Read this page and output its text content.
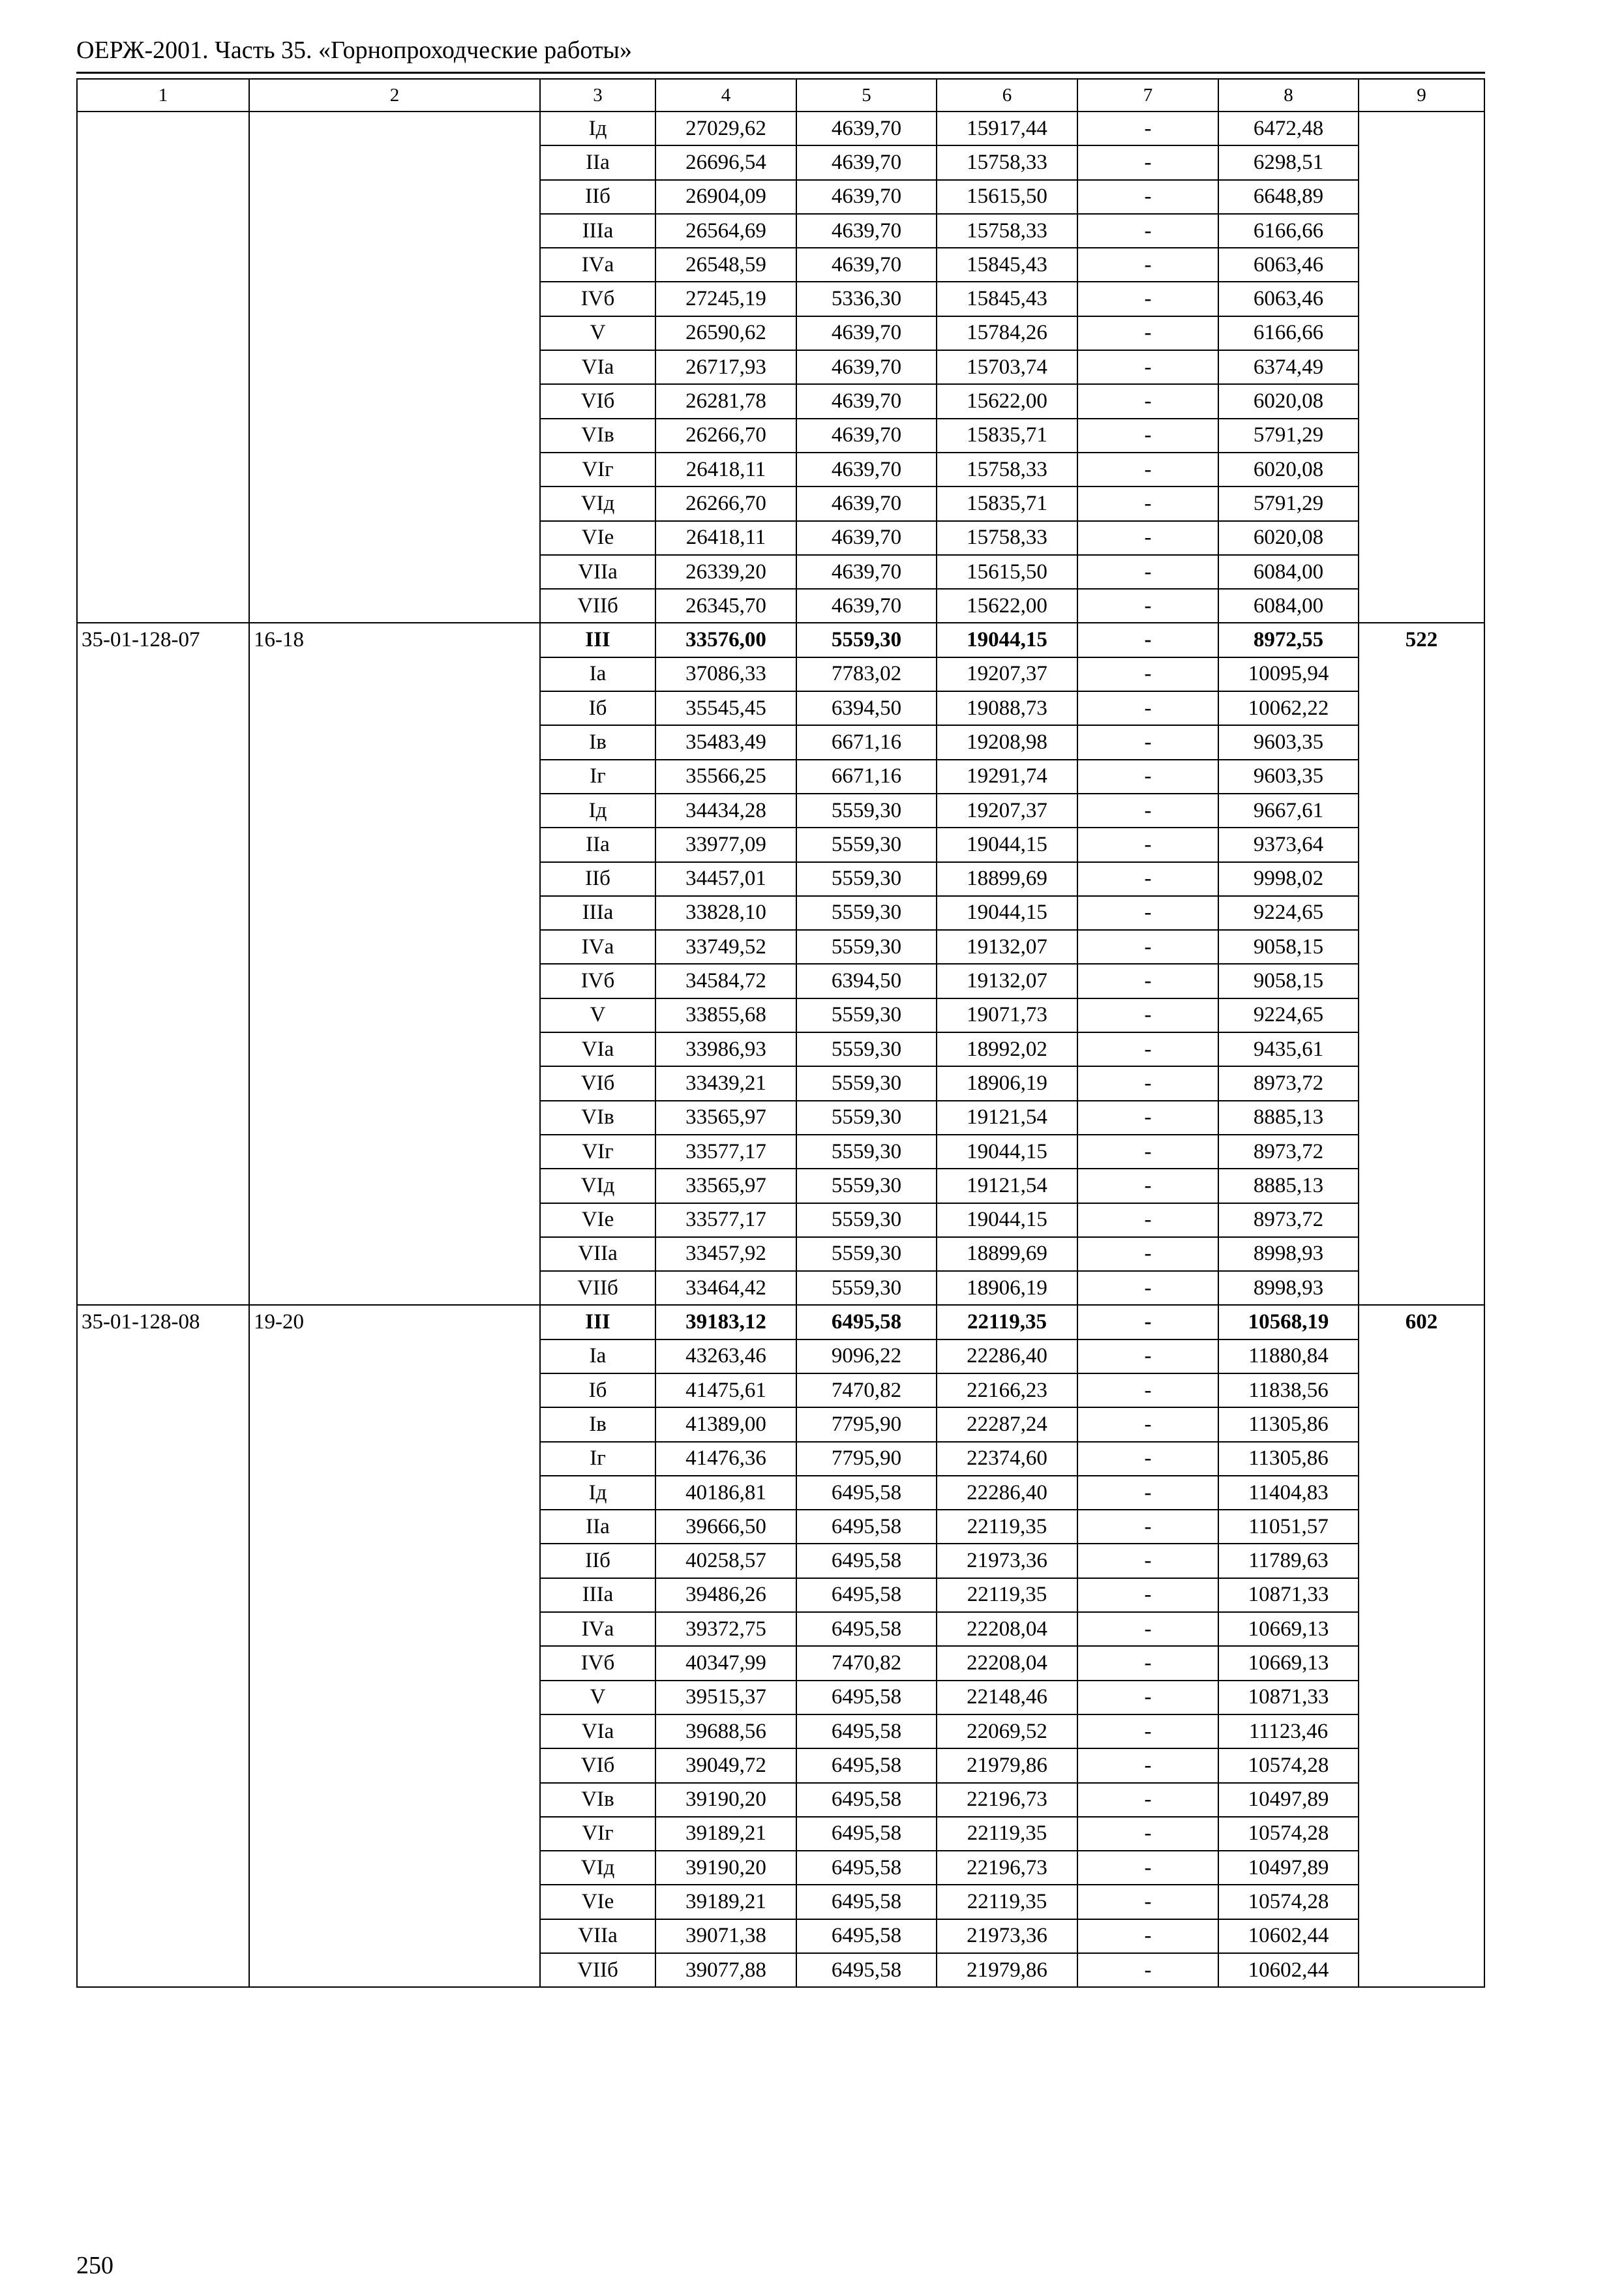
ОЕРЖ-2001. Часть 35. «Горнопроходческие работы»
1	2	3	4	5	6	7	8	9
		Iд	27029,62	4639,70	15917,44	-	6472,48	
		IIа	26696,54	4639,70	15758,33	-	6298,51	
		IIб	26904,09	4639,70	15615,50	-	6648,89	
		IIIа	26564,69	4639,70	15758,33	-	6166,66	
		IVа	26548,59	4639,70	15845,43	-	6063,46	
		IVб	27245,19	5336,30	15845,43	-	6063,46	
		V	26590,62	4639,70	15784,26	-	6166,66	
		VIа	26717,93	4639,70	15703,74	-	6374,49	
		VIб	26281,78	4639,70	15622,00	-	6020,08	
		VIв	26266,70	4639,70	15835,71	-	5791,29	
		VIг	26418,11	4639,70	15758,33	-	6020,08	
		VIд	26266,70	4639,70	15835,71	-	5791,29	
		VIе	26418,11	4639,70	15758,33	-	6020,08	
		VIIа	26339,20	4639,70	15615,50	-	6084,00	
		VIIб	26345,70	4639,70	15622,00	-	6084,00	
35-01-128-07	16-18	III	33576,00	5559,30	19044,15	-	8972,55	522
		Iа	37086,33	7783,02	19207,37	-	10095,94	
		Iб	35545,45	6394,50	19088,73	-	10062,22	
		Iв	35483,49	6671,16	19208,98	-	9603,35	
		Iг	35566,25	6671,16	19291,74	-	9603,35	
		Iд	34434,28	5559,30	19207,37	-	9667,61	
		IIа	33977,09	5559,30	19044,15	-	9373,64	
		IIб	34457,01	5559,30	18899,69	-	9998,02	
		IIIа	33828,10	5559,30	19044,15	-	9224,65	
		IVа	33749,52	5559,30	19132,07	-	9058,15	
		IVб	34584,72	6394,50	19132,07	-	9058,15	
		V	33855,68	5559,30	19071,73	-	9224,65	
		VIа	33986,93	5559,30	18992,02	-	9435,61	
		VIб	33439,21	5559,30	18906,19	-	8973,72	
		VIв	33565,97	5559,30	19121,54	-	8885,13	
		VIг	33577,17	5559,30	19044,15	-	8973,72	
		VIд	33565,97	5559,30	19121,54	-	8885,13	
		VIе	33577,17	5559,30	19044,15	-	8973,72	
		VIIа	33457,92	5559,30	18899,69	-	8998,93	
		VIIб	33464,42	5559,30	18906,19	-	8998,93	
35-01-128-08	19-20	III	39183,12	6495,58	22119,35	-	10568,19	602
		Iа	43263,46	9096,22	22286,40	-	11880,84	
		Iб	41475,61	7470,82	22166,23	-	11838,56	
		Iв	41389,00	7795,90	22287,24	-	11305,86	
		Iг	41476,36	7795,90	22374,60	-	11305,86	
		Iд	40186,81	6495,58	22286,40	-	11404,83	
		IIа	39666,50	6495,58	22119,35	-	11051,57	
		IIб	40258,57	6495,58	21973,36	-	11789,63	
		IIIа	39486,26	6495,58	22119,35	-	10871,33	
		IVа	39372,75	6495,58	22208,04	-	10669,13	
		IVб	40347,99	7470,82	22208,04	-	10669,13	
		V	39515,37	6495,58	22148,46	-	10871,33	
		VIа	39688,56	6495,58	22069,52	-	11123,46	
		VIб	39049,72	6495,58	21979,86	-	10574,28	
		VIв	39190,20	6495,58	22196,73	-	10497,89	
		VIг	39189,21	6495,58	22119,35	-	10574,28	
		VIд	39190,20	6495,58	22196,73	-	10497,89	
		VIе	39189,21	6495,58	22119,35	-	10574,28	
		VIIа	39071,38	6495,58	21973,36	-	10602,44	
		VIIб	39077,88	6495,58	21979,86	-	10602,44	
250
